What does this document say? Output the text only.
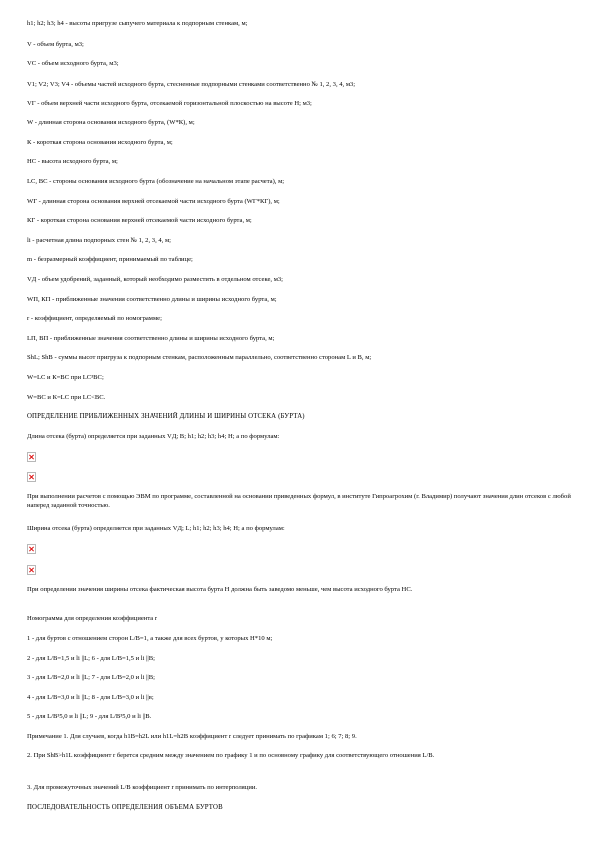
h1; h2; h3; h4 - высоты пригрузе сыпучего материала к подпорным стенкам, м;
V - объем бурта, м3;
VC - объем исходного бурта, м3;
V1; V2; V3; V4 - объемы частей исходного бурта, стесненные подпорными стенками соответственно № 1, 2, 3, 4, м3;
VГ - объем верхней части исходного бурта, отсекаемой горизонтальной плоскостью на высоте H; м3;
W - длинная сторона основания исходного бурта, (W*К), м;
К - короткая сторона основания исходного бурта, м;
НС - высота исходного бурта, м;
LC, ВС - стороны основания исходного бурта (обозначение на начальном этапе расчета), м;
WГ - длинная сторона основания верхней отсекаемой части исходного бурта (WГ*КГ), м;
КГ - короткая сторона основания верхней отсекаемой части исходного бурта, м;
li - расчетная длина подпорных стен № 1, 2, 3, 4, м;
m - безразмерный коэффициент, принимаемый по таблице;
VД - объем удобрений, заданный, который необходимо разместить в отдельном отсеке, м3;
WП, КП - приближенные значения соответственно длины и ширины исходного бурта, м;
r - коэффициент, определяемый по номограмме;
LП, ВП - приближенные значения соответственно длины и ширины исходного бурта, м;
ShL; ShB - суммы высот пригруза к подпорным стенкам, расположенным параллельно, соответственно сторонам L и В, м;
W=LC и К=ВС при LC³ВС;
W=ВС и К=LC при LC<ВС.
ОПРЕДЕЛЕНИЕ ПРИБЛИЖЕННЫХ ЗНАЧЕНИЙ ДЛИНЫ И ШИРИНЫ ОТСЕКА (БУРТА)
Длина отсека (бурта) определяется при заданных VД; В; h1; h2; h3; h4; Н; а по формулам:
При выполнении расчетов с помощью ЭВМ по программе, составленной на основании приведенных формул, в институте Гипроагрохим (г. Владимир) получают значения длин отсеков с любой наперед заданной точностью.
Ширина отсека (бурта) определяется при заданных VД; L; h1; h2; h3; h4; Н; а по формулам:
При определении значения ширины отсека фактическая высота бурта Н должна быть заведомо меньше, чем высота исходного бурта НС.
Номограмма для определения коэффициента r
1 - для буртов с отношением сторон L/B=1, а также для всех буртов, у которых Н*10 м;
2 - для L/B=1,5 и li ||L; 6 - для L/B=1,5 и li ||B;
3 - для L/B=2,0 и li ||L; 7 - для L/B=2,0 и li ||B;
4 - для L/B=3,0 и li ||L; 8 - для L/B=3,0 и li ||в;
5 - для L/B³5,0 и li ||L; 9 - для L/B³5,0 и li ||B.
Примечание 1. Для случаев, когда h1В=h2L или h1L=h2B коэффициент r следует принимать по графикам 1; 6; 7; 8; 9.
2. При ShB>h1L коэффициент r берется средним между значением по графику 1 и по основному графику для соответствующего отношения L/B.
3. Для промежуточных значений L/B коэффициент r принимать по интерполяции.
ПОСЛЕДОВАТЕЛЬНОСТЬ ОПРЕДЕЛЕНИЯ ОБЪЕМА БУРТОВ
